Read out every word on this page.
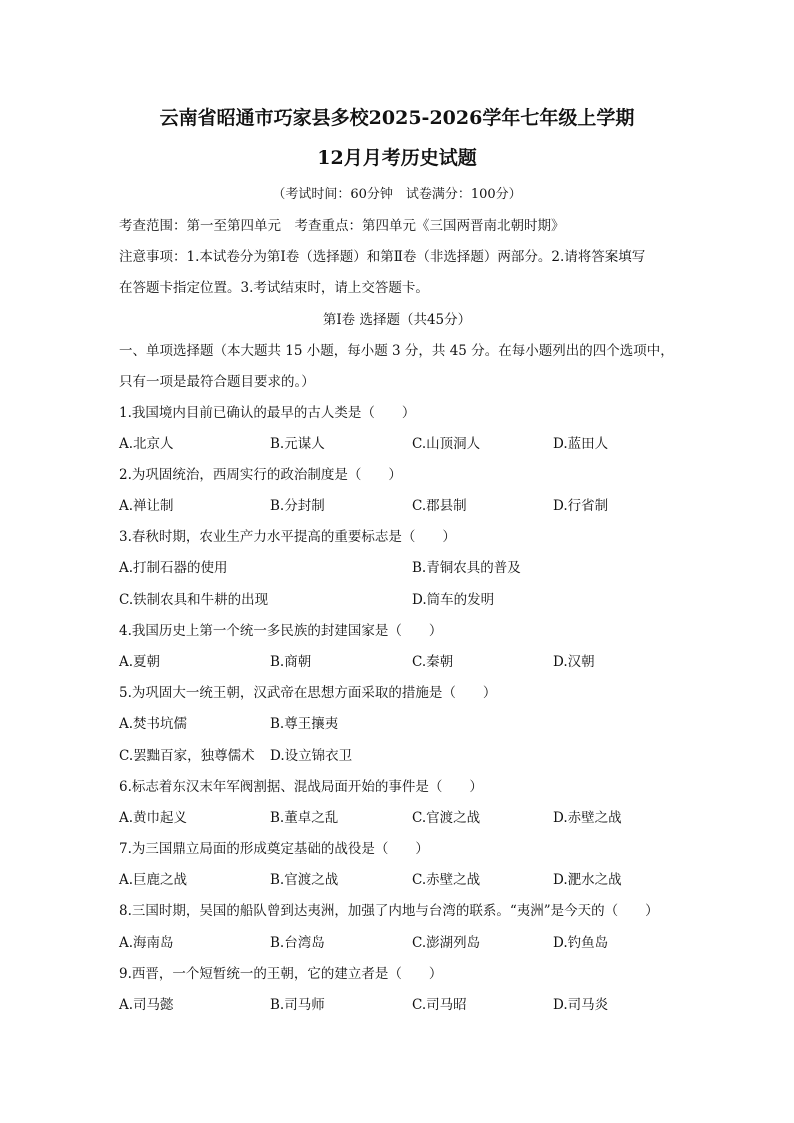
云南省昭通市巧家县多校2025-2026学年七年级上学期
12月月考历史试题
（考试时间：60分钟　试卷满分：100分）
考查范围：第一至第四单元　考查重点：第四单元《三国两晋南北朝时期》
注意事项：1.本试卷分为第Ⅰ卷（选择题）和第Ⅱ卷（非选择题）两部分。2.请将答案填写
在答题卡指定位置。3.考试结束时，请上交答题卡。
第Ⅰ卷 选择题（共45分）
一、单项选择题（本大题共 15 小题，每小题 3 分，共 45 分。在每小题列出的四个选项中，
只有一项是最符合题目要求的。）
1.我国境内目前已确认的最早的古人类是（　　）
A.北京人	B.元谋人	C.山顶洞人	D.蓝田人
2.为巩固统治，西周实行的政治制度是（　　）
A.禅让制	B.分封制	C.郡县制	D.行省制
3.春秋时期，农业生产力水平提高的重要标志是（　　）
A.打制石器的使用	B.青铜农具的普及
C.铁制农具和牛耕的出现	D.筒车的发明
4.我国历史上第一个统一多民族的封建国家是（　　）
A.夏朝	B.商朝	C.秦朝	D.汉朝
5.为巩固大一统王朝，汉武帝在思想方面采取的措施是（　　）
A.焚书坑儒	B.尊王攘夷
C.罢黜百家，独尊儒术 D.设立锦衣卫
6.标志着东汉末年军阀割据、混战局面开始的事件是（　　）
A.黄巾起义	B.董卓之乱	C.官渡之战	D.赤壁之战
7.为三国鼎立局面的形成奠定基础的战役是（　　）
A.巨鹿之战	B.官渡之战	C.赤壁之战	D.淝水之战
8.三国时期，吴国的船队曾到达夷洲，加强了内地与台湾的联系。“夷洲”是今天的（　　）
A.海南岛	B.台湾岛	C.澎湖列岛	D.钓鱼岛
9.西晋，一个短暂统一的王朝，它的建立者是（　　）
A.司马懿	B.司马师	C.司马昭	D.司马炎
